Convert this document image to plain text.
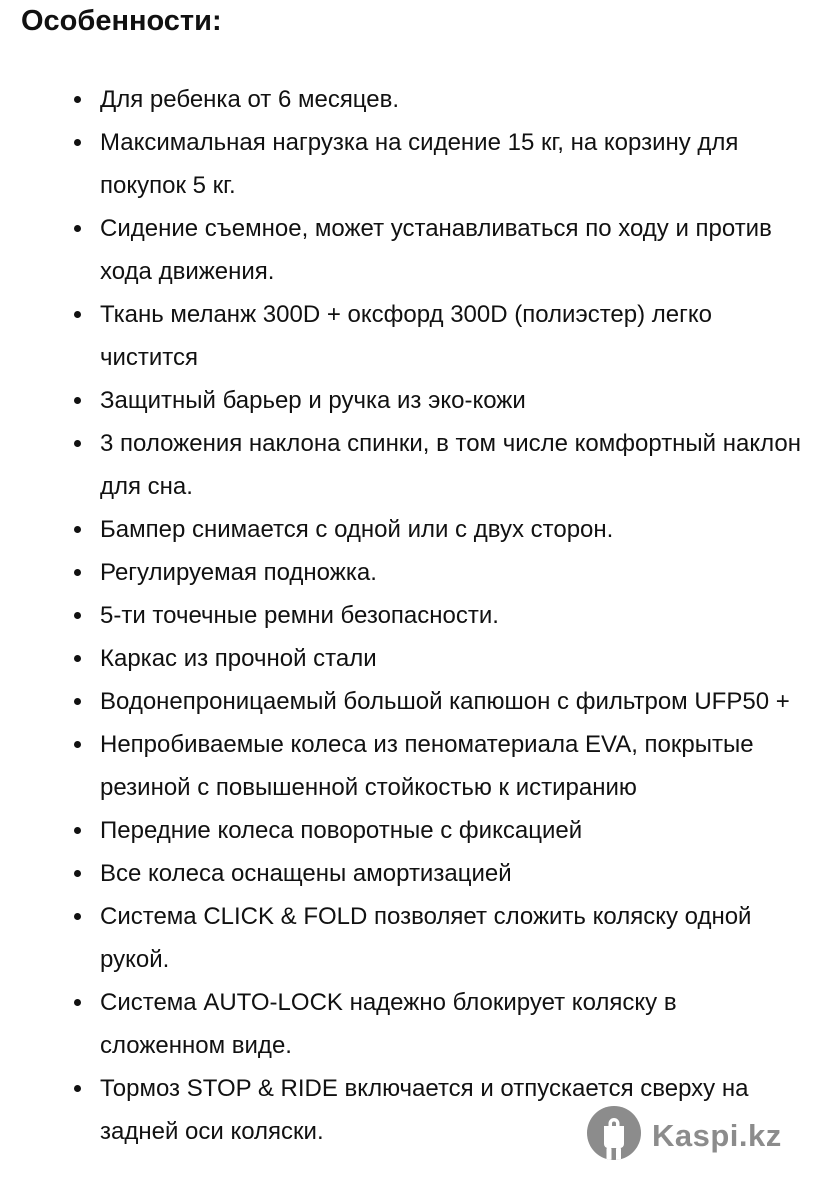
Особенности:
Для ребенка от 6 месяцев.
Максимальная нагрузка на сидение 15 кг, на корзину для покупок 5 кг.
Сидение съемное, может устанавливаться по ходу и против хода движения.
Ткань меланж 300D + оксфорд 300D (полиэстер) легко чистится
Защитный барьер и ручка из эко-кожи
3 положения наклона спинки, в том числе комфортный наклон для сна.
Бампер снимается с одной или с двух сторон.
Регулируемая подножка.
5-ти точечные ремни безопасности.
Каркас из прочной стали
Водонепроницаемый большой капюшон с фильтром UFP50 +
Непробиваемые колеса из пеноматериала EVA, покрытые резиной с повышенной стойкостью к истиранию
Передние колеса поворотные с фиксацией
Все колеса оснащены амортизацией
Система CLICK & FOLD позволяет сложить коляску одной рукой.
Система AUTO-LOCK надежно блокирует коляску в сложенном виде.
Тормоз STOP & RIDE включается и отпускается сверху на задней оси коляски.	Kaspi.kz
